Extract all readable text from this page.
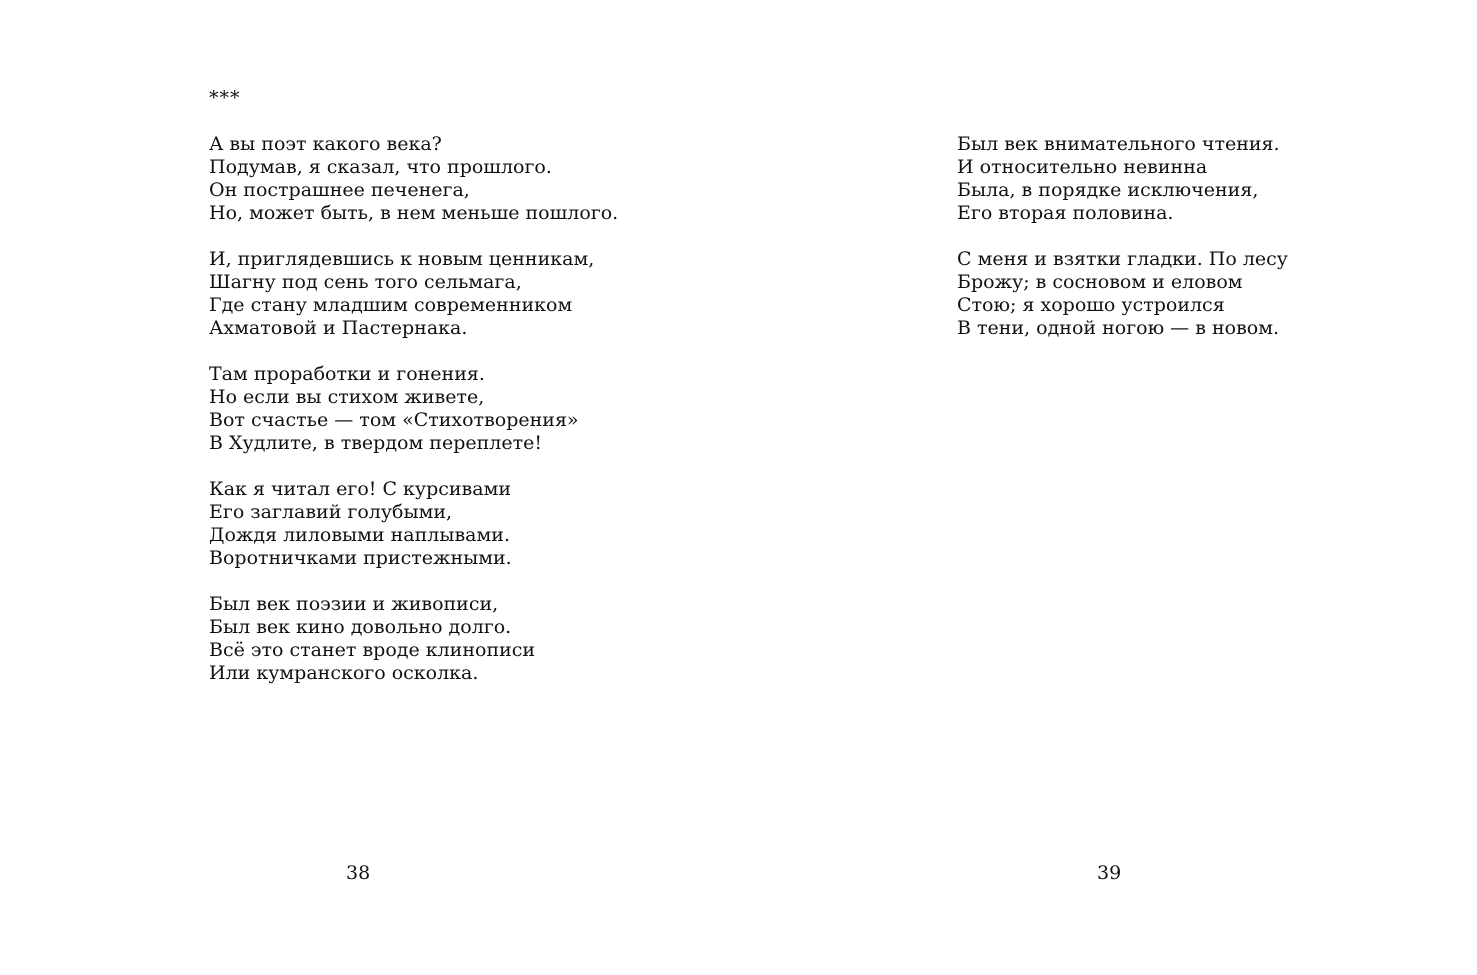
***

А вы поэт какого века?
Подумав, я сказал, что прошлого.
Он пострашнее печенега,
Но, может быть, в нем меньше пошлого.

И, приглядевшись к новым ценникам,
Шагну под сень того сельмага,
Где стану младшим современником
Ахматовой и Пастернака.

Там проработки и гонения.
Но если вы стихом живете,
Вот счастье — том «Стихотворения»
В Худлите, в твердом переплете!

Как я читал его! С курсивами
Его заглавий голубыми,
Дождя лиловыми наплывами.
Воротничками пристежными.

Был век поэзии и живописи,
Был век кино довольно долго.
Всё это станет вроде клинописи
Или кумранского осколка.

38

Был век внимательного чтения.
И относительно невинна
Была, в порядке исключения,
Его вторая половина.

С меня и взятки гладки. По лесу
Брожу; в сосновом и еловом
Стою; я хорошо устроился
В тени, одной ногою — в новом.

39
